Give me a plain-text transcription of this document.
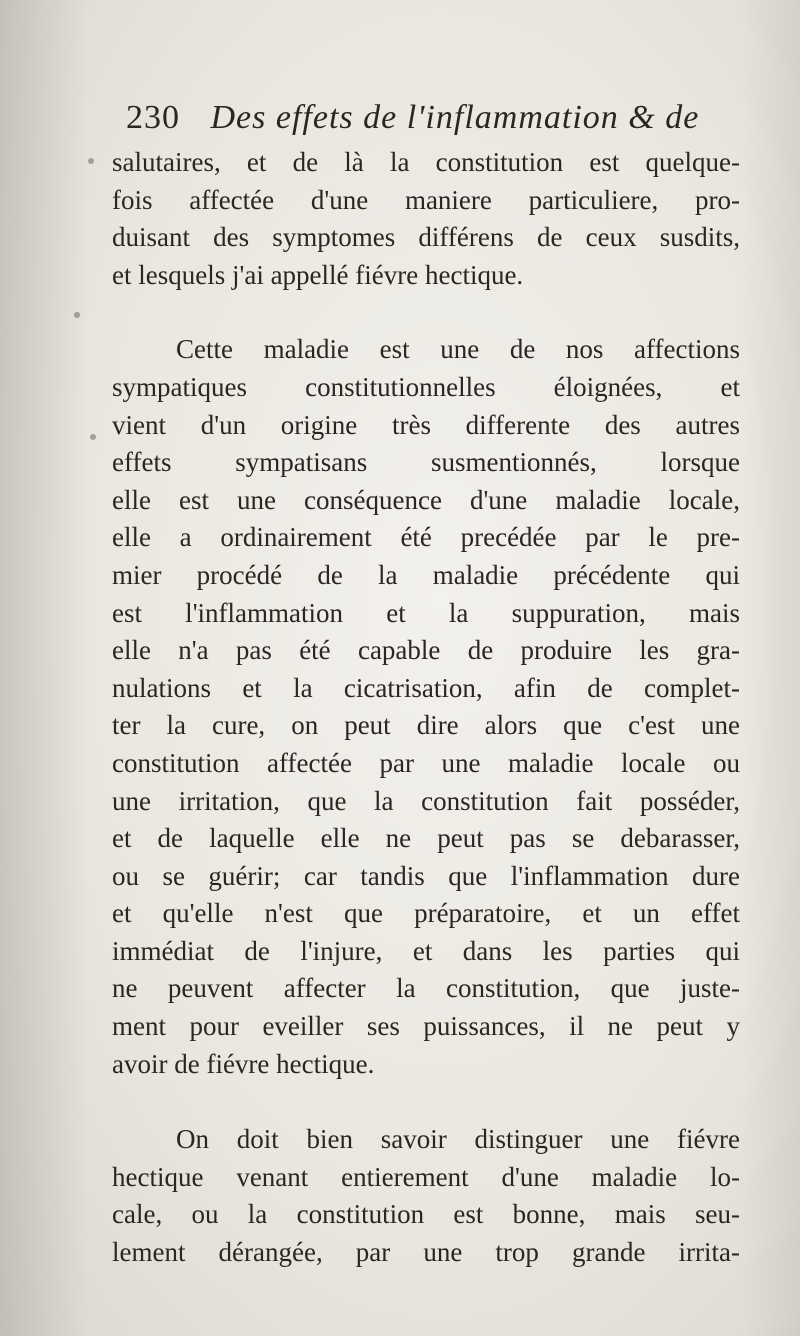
230 Des effets de l'inflammation & de
salutaires, et de là la constitution est quelque-
fois affectée d'une maniere particuliere, pro-
duisant des symptomes différens de ceux susdits,
et lesquels j'ai appellé fiévre hectique.
Cette maladie est une de nos affections
sympatiques constitutionnelles éloignées, et
vient d'un origine très differente des autres
effets sympatisans susmentionnés, lorsque
elle est une conséquence d'une maladie locale,
elle a ordinairement été precédée par le pre-
mier procédé de la maladie précédente qui
est l'inflammation et la suppuration, mais
elle n'a pas été capable de produire les gra-
nulations et la cicatrisation, afin de complet-
ter la cure, on peut dire alors que c'est une
constitution affectée par une maladie locale ou
une irritation, que la constitution fait posséder,
et de laquelle elle ne peut pas se debarasser,
ou se guérir; car tandis que l'inflammation dure
et qu'elle n'est que préparatoire, et un effet
immédiat de l'injure, et dans les parties qui
ne peuvent affecter la constitution, que juste-
ment pour eveiller ses puissances, il ne peut y
avoir de fiévre hectique.
On doit bien savoir distinguer une fiévre
hectique venant entierement d'une maladie lo-
cale, ou la constitution est bonne, mais seu-
lement dérangée, par une trop grande irrita-
